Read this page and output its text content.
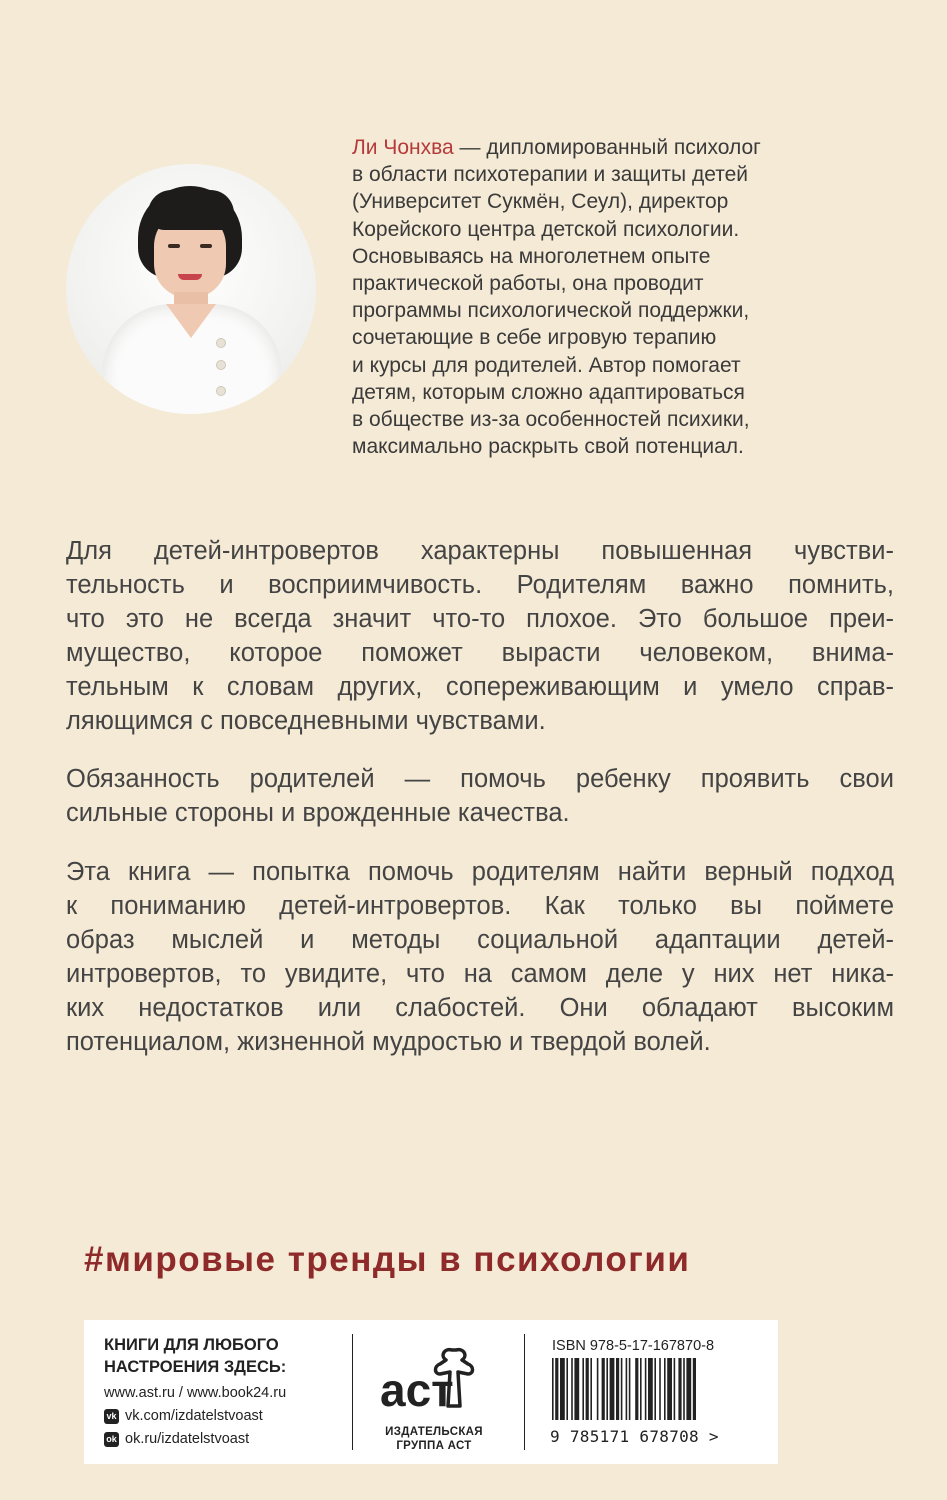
Ли Чонхва — дипломированный психолог
в области психотерапии и защиты детей
(Университет Сукмён, Сеул), директор
Корейского центра детской психологии.
Основываясь на многолетнем опыте
практической работы, она проводит
программы психологической поддержки,
сочетающие в себе игровую терапию
и курсы для родителей. Автор помогает
детям, которым сложно адаптироваться
в обществе из-за особенностей психики,
максимально раскрыть свой потенциал.

Для детей-интровертов характерны повышенная чувстви-
тельность и восприимчивость. Родителям важно помнить,
что это не всегда значит что-то плохое. Это большое преи-
мущество, которое поможет вырасти человеком, внима-
тельным к словам других, сопереживающим и умело справ-
ляющимся с повседневными чувствами.
Обязанность родителей — помочь ребенку проявить свои
сильные стороны и врожденные качества.
Эта книга — попытка помочь родителям найти верный подход
к пониманию детей-интровертов. Как только вы поймете
образ мыслей и методы социальной адаптации детей-
интровертов, то увидите, что на самом деле у них нет ника-
ких недостатков или слабостей. Они обладают высоким
потенциалом, жизненной мудростью и твердой волей.
#мировые тренды в психологии

КНИГИ ДЛЯ ЛЮБОГО

НАСТРОЕНИЯ ЗДЕСЬ:

www.ast.ru / www.book24.ru

vk vk.com/izdatelstvoast

ok ok.ru/izdatelstvoast

аст

ИЗДАТЕЛЬСКАЯ

ГРУППА АСТ

ISBN 978-5-17-167870-8

9 785171 678708 >
